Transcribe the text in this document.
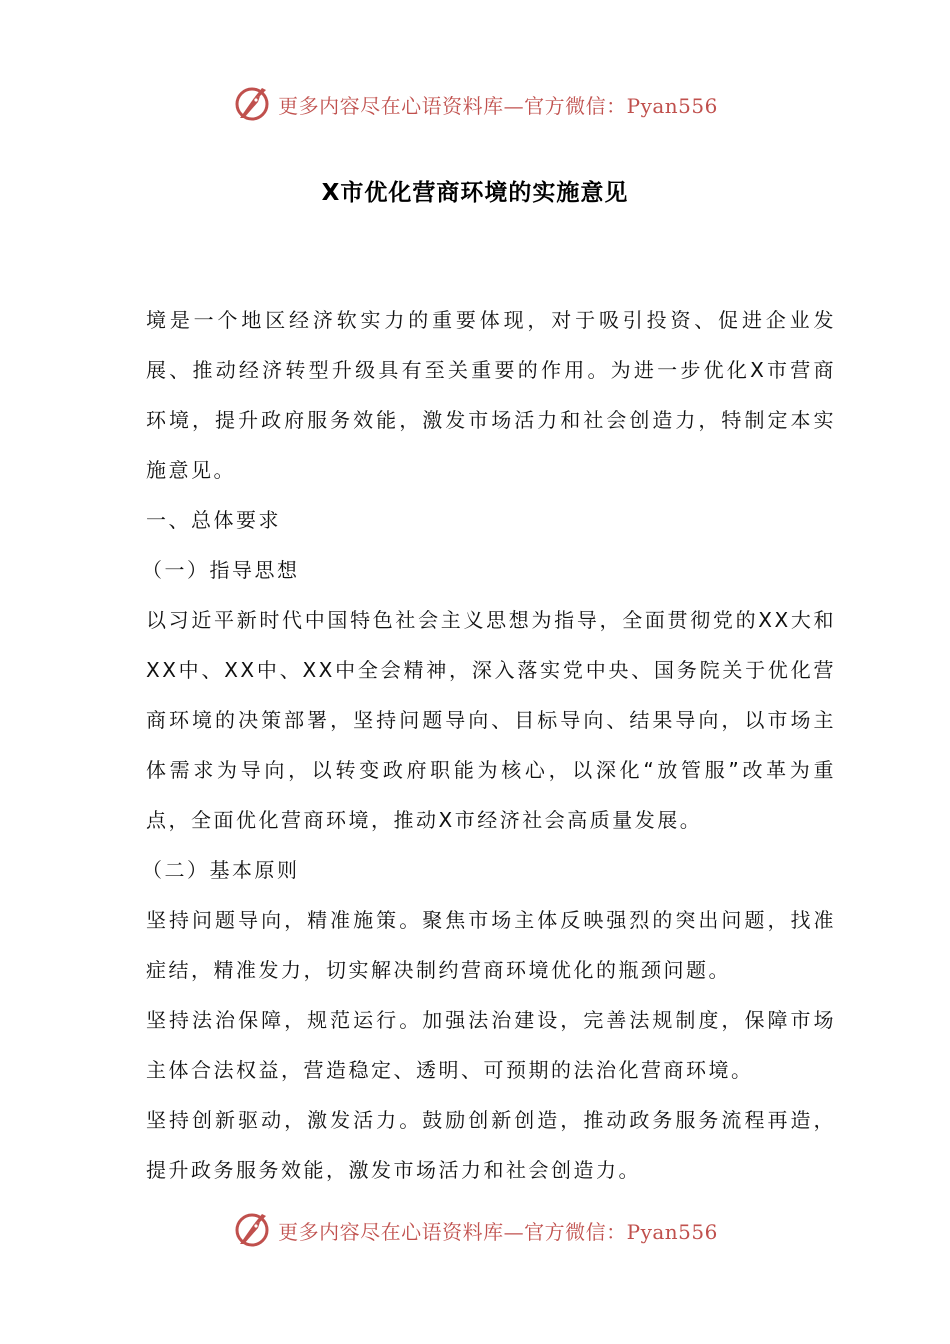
更多内容尽在心语资料库—官方微信：Pyan556
X市优化营商环境的实施意见

境是一个地区经济软实力的重要体现，对于吸引投资、促进企业发展、推动经济转型升级具有至关重要的作用。为进一步优化X市营商环境，提升政府服务效能，激发市场活力和社会创造力，特制定本实施意见。

一、总体要求

（一）指导思想

以习近平新时代中国特色社会主义思想为指导，全面贯彻党的XX大和XX中、XX中、XX中全会精神，深入落实党中央、国务院关于优化营商环境的决策部署，坚持问题导向、目标导向、结果导向，以市场主体需求为导向，以转变政府职能为核心，以深化“放管服”改革为重点，全面优化营商环境，推动X市经济社会高质量发展。

（二）基本原则

坚持问题导向，精准施策。聚焦市场主体反映强烈的突出问题，找准症结，精准发力，切实解决制约营商环境优化的瓶颈问题。

坚持法治保障，规范运行。加强法治建设，完善法规制度，保障市场主体合法权益，营造稳定、透明、可预期的法治化营商环境。

坚持创新驱动，激发活力。鼓励创新创造，推动政务服务流程再造，提升政务服务效能，激发市场活力和社会创造力。

更多内容尽在心语资料库—官方微信：Pyan556
